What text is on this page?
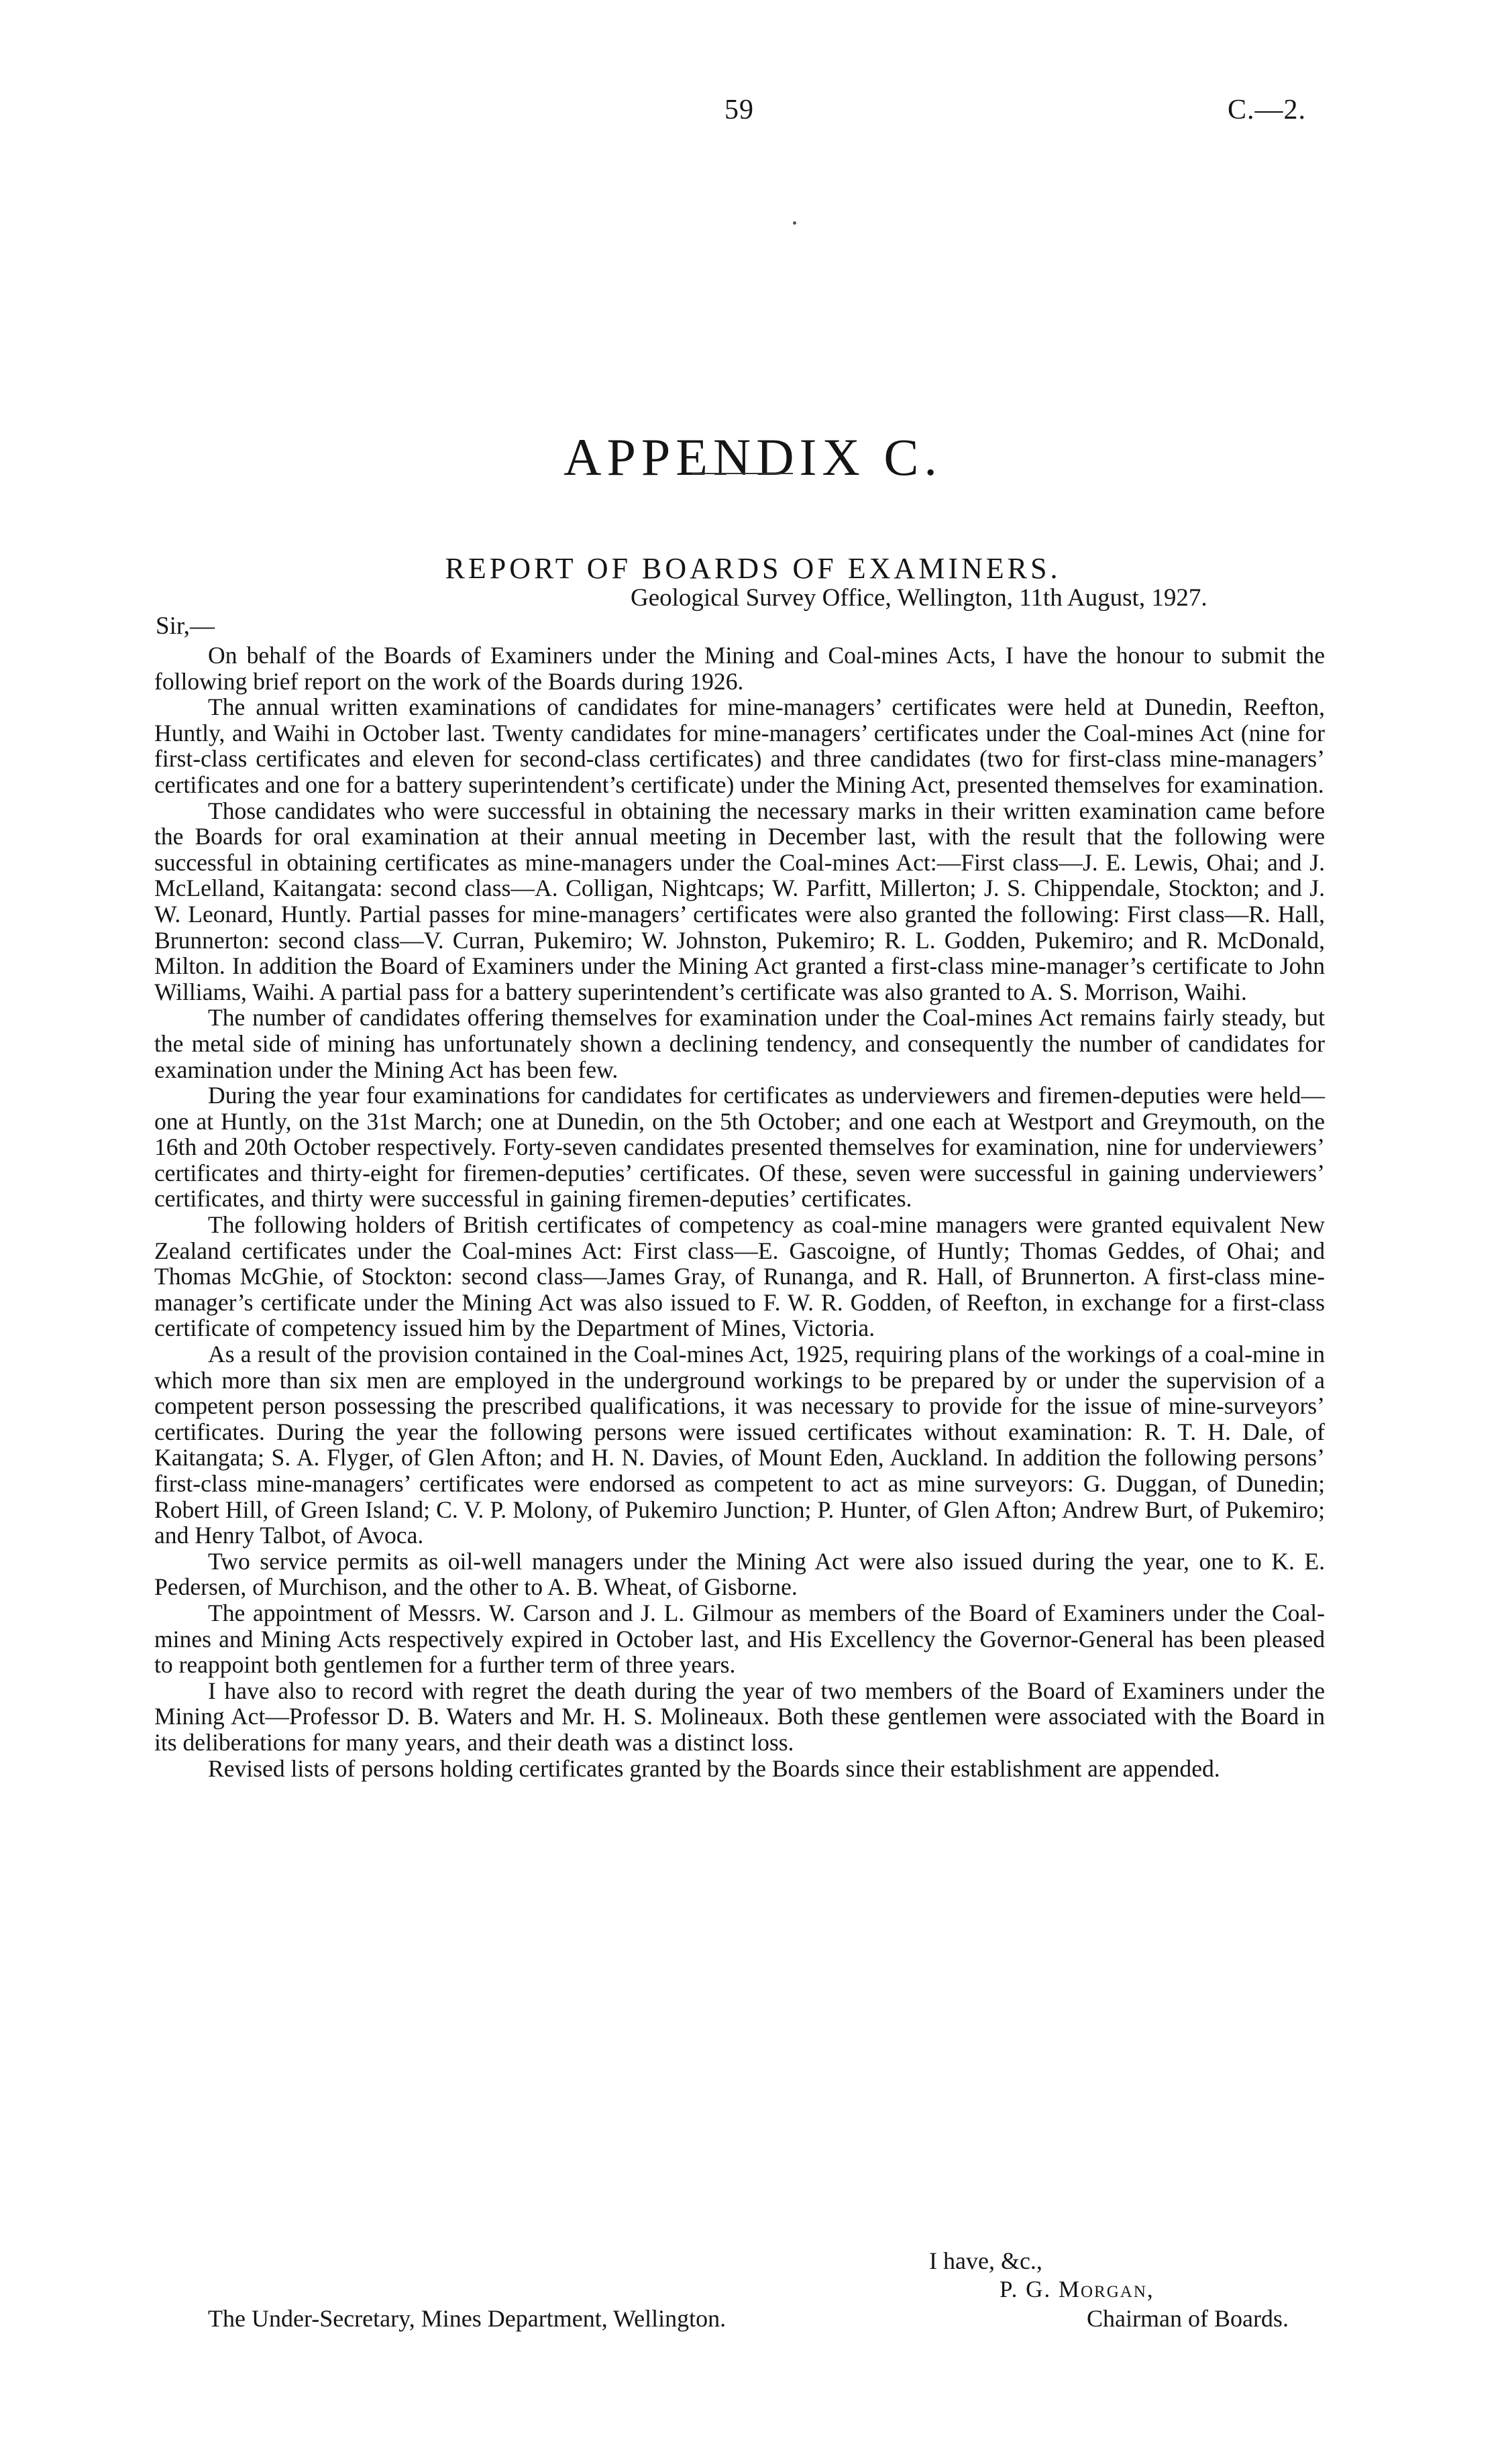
59	C.—2.
APPENDIX C.
REPORT OF BOARDS OF EXAMINERS.
Geological Survey Office, Wellington, 11th August, 1927.
Sir,—

On behalf of the Boards of Examiners under the Mining and Coal-mines Acts, I have the honour to submit the following brief report on the work of the Boards during 1926.

The annual written examinations of candidates for mine-managers’ certificates were held at Dunedin, Reefton, Huntly, and Waihi in October last. Twenty candidates for mine-managers’ certificates under the Coal-mines Act (nine for first-class certificates and eleven for second-class certificates) and three candidates (two for first-class mine-managers’ certificates and one for a battery superintendent’s certificate) under the Mining Act, presented themselves for examination.

Those candidates who were successful in obtaining the necessary marks in their written examination came before the Boards for oral examination at their annual meeting in December last, with the result that the following were successful in obtaining certificates as mine-managers under the Coal-mines Act:—First class—J. E. Lewis, Ohai; and J. McLelland, Kaitangata: second class—A. Colligan, Nightcaps; W. Parfitt, Millerton; J. S. Chippendale, Stockton; and J. W. Leonard, Huntly. Partial passes for mine-managers’ certificates were also granted the following: First class—R. Hall, Brunnerton: second class—V. Curran, Pukemiro; W. Johnston, Pukemiro; R. L. Godden, Pukemiro; and R. McDonald, Milton. In addition the Board of Examiners under the Mining Act granted a first-class mine-manager’s certificate to John Williams, Waihi. A partial pass for a battery superintendent’s certificate was also granted to A. S. Morrison, Waihi.

The number of candidates offering themselves for examination under the Coal-mines Act remains fairly steady, but the metal side of mining has unfortunately shown a declining tendency, and consequently the number of candidates for examination under the Mining Act has been few.

During the year four examinations for candidates for certificates as underviewers and firemen-deputies were held—one at Huntly, on the 31st March; one at Dunedin, on the 5th October; and one each at Westport and Greymouth, on the 16th and 20th October respectively. Forty-seven candidates presented themselves for examination, nine for underviewers’ certificates and thirty-eight for firemen-deputies’ certificates. Of these, seven were successful in gaining underviewers’ certificates, and thirty were successful in gaining firemen-deputies’ certificates.

The following holders of British certificates of competency as coal-mine managers were granted equivalent New Zealand certificates under the Coal-mines Act: First class—E. Gascoigne, of Huntly; Thomas Geddes, of Ohai; and Thomas McGhie, of Stockton: second class—James Gray, of Runanga, and R. Hall, of Brunnerton. A first-class mine-manager’s certificate under the Mining Act was also issued to F. W. R. Godden, of Reefton, in exchange for a first-class certificate of competency issued him by the Department of Mines, Victoria.

As a result of the provision contained in the Coal-mines Act, 1925, requiring plans of the workings of a coal-mine in which more than six men are employed in the underground workings to be prepared by or under the supervision of a competent person possessing the prescribed qualifications, it was necessary to provide for the issue of mine-surveyors’ certificates. During the year the following persons were issued certificates without examination: R. T. H. Dale, of Kaitangata; S. A. Flyger, of Glen Afton; and H. N. Davies, of Mount Eden, Auckland. In addition the following persons’ first-class mine-managers’ certificates were endorsed as competent to act as mine surveyors: G. Duggan, of Dunedin; Robert Hill, of Green Island; C. V. P. Molony, of Pukemiro Junction; P. Hunter, of Glen Afton; Andrew Burt, of Pukemiro; and Henry Talbot, of Avoca.

Two service permits as oil-well managers under the Mining Act were also issued during the year, one to K. E. Pedersen, of Murchison, and the other to A. B. Wheat, of Gisborne.

The appointment of Messrs. W. Carson and J. L. Gilmour as members of the Board of Examiners under the Coal-mines and Mining Acts respectively expired in October last, and His Excellency the Governor-General has been pleased to reappoint both gentlemen for a further term of three years.

I have also to record with regret the death during the year of two members of the Board of Examiners under the Mining Act—Professor D. B. Waters and Mr. H. S. Molineaux. Both these gentlemen were associated with the Board in its deliberations for many years, and their death was a distinct loss.

Revised lists of persons holding certificates granted by the Boards since their establishment are appended.

I have, &c.,
P. G. Morgan,
The Under-Secretary, Mines Department, Wellington.	Chairman of Boards.
